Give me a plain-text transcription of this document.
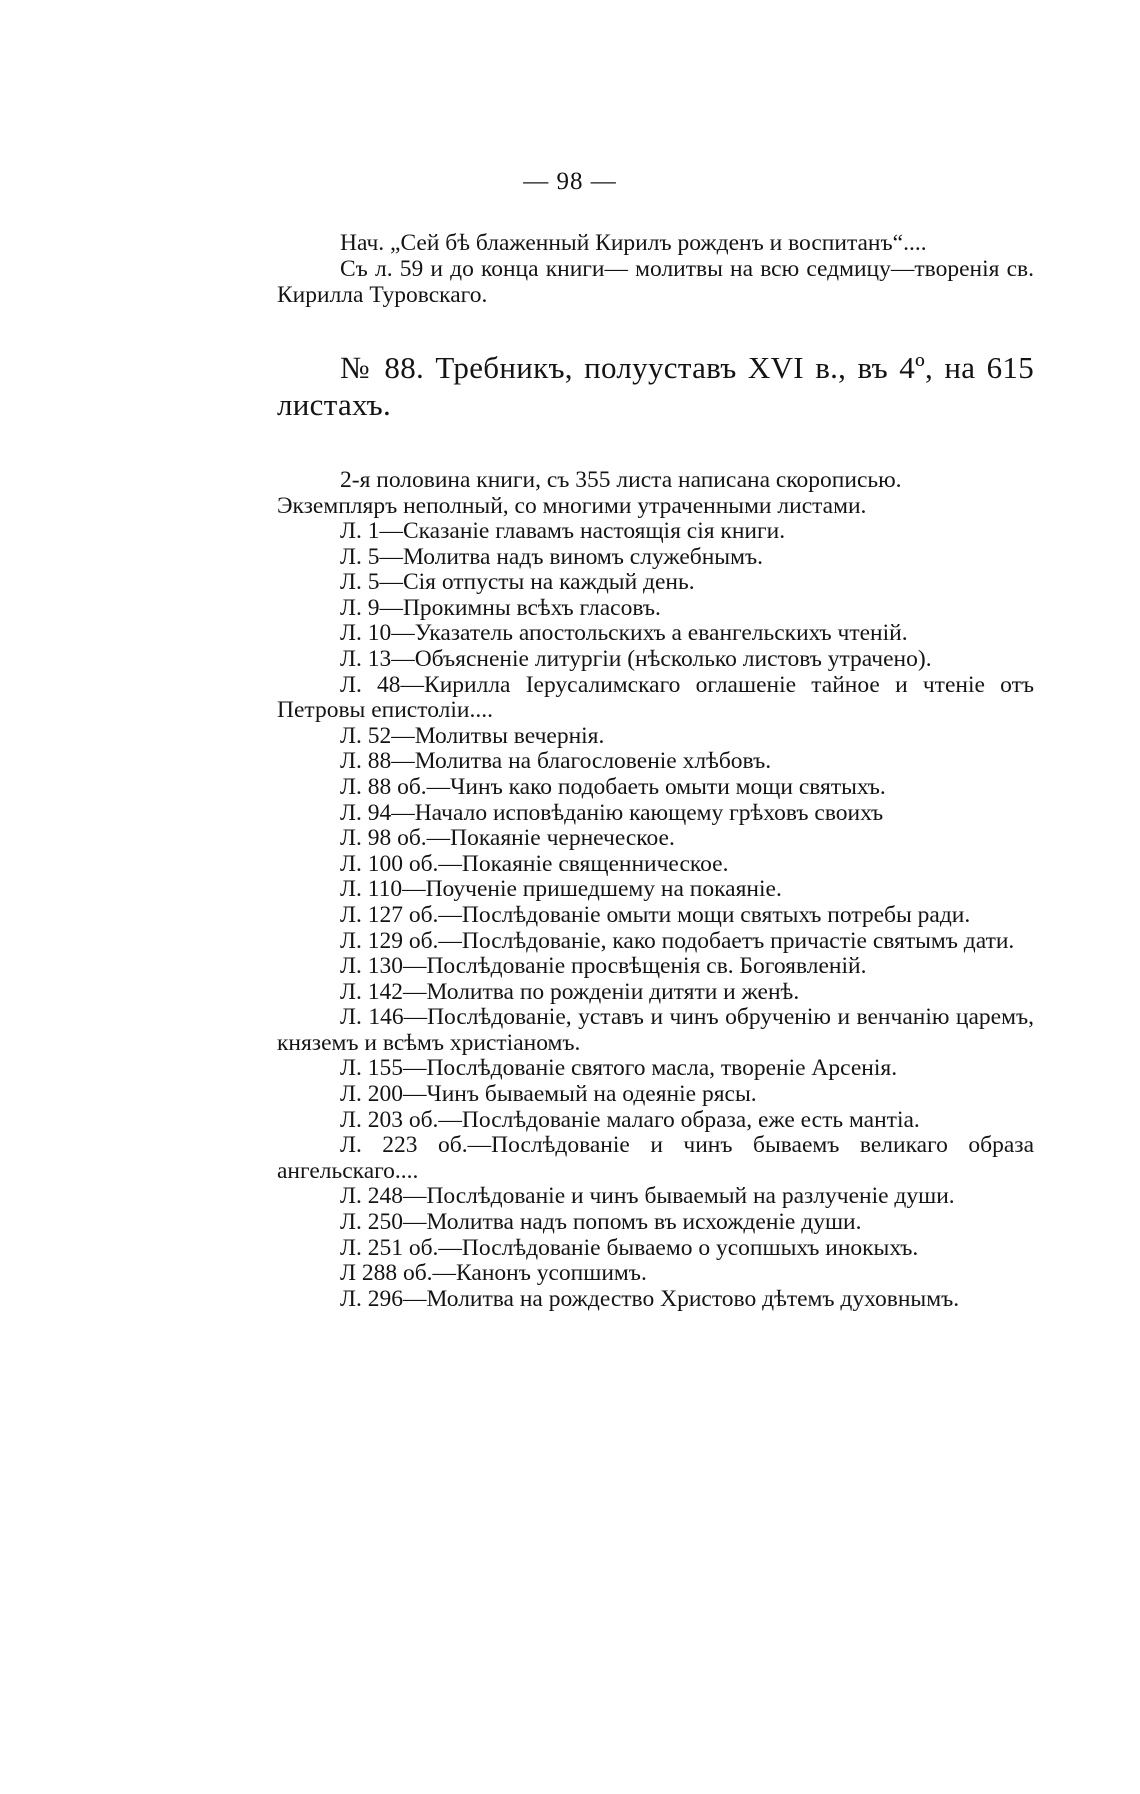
— 98 —

Нач. „Сей бѣ блаженный Кирилъ рожденъ и воспитанъ“....

Съ л. 59 и до конца книги— молитвы на всю седмицу—творенія св. Кирилла Туровскаго.

№ 88. Требникъ, полууставъ XVI в., въ 4º, на 615 листахъ.

2-я половина книги, съ 355 листа написана скорописью.

Экземпляръ неполный, со многими утраченными листами.

Л. 1—Сказаніе главамъ настоящія сія книги.

Л. 5—Молитва надъ виномъ служебнымъ.

Л. 5—Сія отпусты на каждый день.

Л. 9—Прокимны всѣхъ гласовъ.

Л. 10—Указатель апостольскихъ а евангельскихъ чтеній.

Л. 13—Объясненіе литургіи (нѣсколько листовъ утрачено).

Л. 48—Кирилла Іерусалимскаго оглашеніе тайное и чтеніе отъ Петровы епистоліи....

Л. 52—Молитвы вечернія.

Л. 88—Молитва на благословеніе хлѣбовъ.

Л. 88 об.—Чинъ како подобаеть омыти мощи святыхъ.

Л. 94—Начало исповѣданію кающему грѣховъ своихъ

Л. 98 об.—Покаяніе чернеческое.

Л. 100 об.—Покаяніе священническое.

Л. 110—Поученіе пришедшему на покаяніе.

Л. 127 об.—Послѣдованіе омыти мощи святыхъ потребы ради.

Л. 129 об.—Послѣдованіе, како подобаетъ причастіе святымъ дати.

Л. 130—Послѣдованіе просвѣщенія св. Богоявленій.

Л. 142—Молитва по рожденіи дитяти и женѣ.

Л. 146—Послѣдованіе, уставъ и чинъ обрученію и венчанію царемъ, княземъ и всѣмъ христіаномъ.

Л. 155—Послѣдованіе святого масла, твореніе Арсенія.

Л. 200—Чинъ бываемый на одеяніе рясы.

Л. 203 об.—Послѣдованіе малаго образа, еже есть мантіа.

Л. 223 об.—Послѣдованіе и чинъ бываемъ великаго образа ангельскаго....

Л. 248—Послѣдованіе и чинъ бываемый на разлученіе души.

Л. 250—Молитва надъ попомъ въ исхожденіе души.

Л. 251 об.—Послѣдованіе бываемо о усопшыхъ инокыхъ.

Л 288 об.—Канонъ усопшимъ.

Л. 296—Молитва на рождество Христово дѣтемъ духовнымъ.
